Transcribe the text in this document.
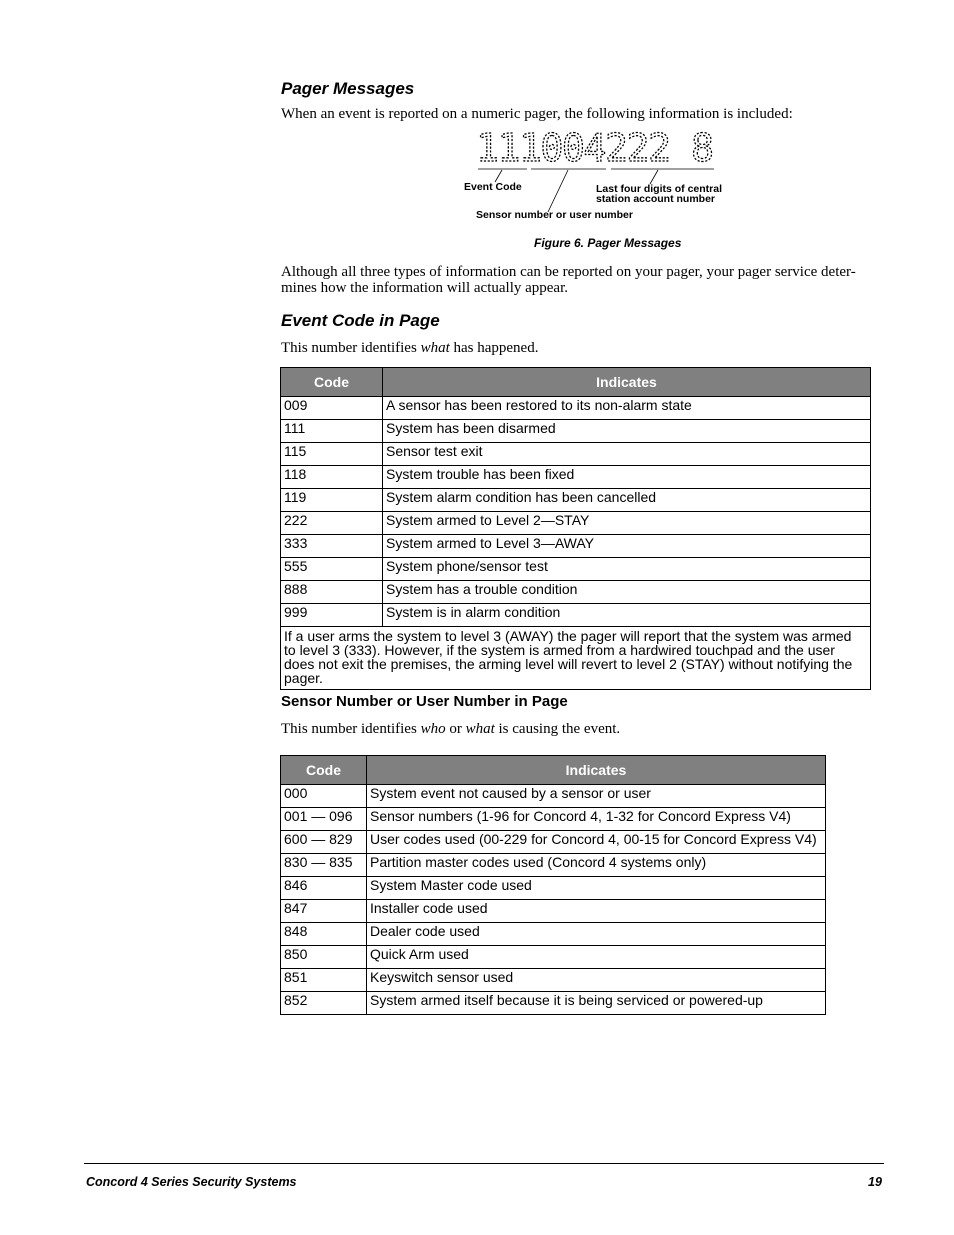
Pager Messages

When an event is reported on a numeric pager, the following information is included:

111004222 8
Event Code	Last four digits of central
station account number
Sensor number or user number
Figure 6. Pager Messages

Although all three types of information can be reported on your pager, your pager service deter-

mines how the information will actually appear.

Event Code in Page

This number identifies what has happened.

Code	Indicates
009	A sensor has been restored to its non-alarm state
111	System has been disarmed
115	Sensor test exit
118	System trouble has been fixed
119	System alarm condition has been cancelled
222	System armed to Level 2—STAY
333	System armed to Level 3—AWAY
555	System phone/sensor test
888	System has a trouble condition
999	System is in alarm condition
If a user arms the system to level 3 (AWAY) the pager will report that the system was armed to level 3 (333). However, if the system is armed from a hardwired touchpad and the user does not exit the premises, the arming level will revert to level 2 (STAY) without notifying the pager.	
Sensor Number or User Number in Page

This number identifies who or what is causing the event.

Code	Indicates
000	System event not caused by a sensor or user
001 — 096	Sensor numbers (1-96 for Concord 4, 1-32 for Concord Express V4)
600 — 829	User codes used (00-229 for Concord 4, 00-15 for Concord Express V4)
830 — 835	Partition master codes used (Concord 4 systems only)
846	System Master code used
847	Installer code used
848	Dealer code used
850	Quick Arm used
851	Keyswitch sensor used
852	System armed itself because it is being serviced or powered-up
Concord 4 Series Security Systems	19
